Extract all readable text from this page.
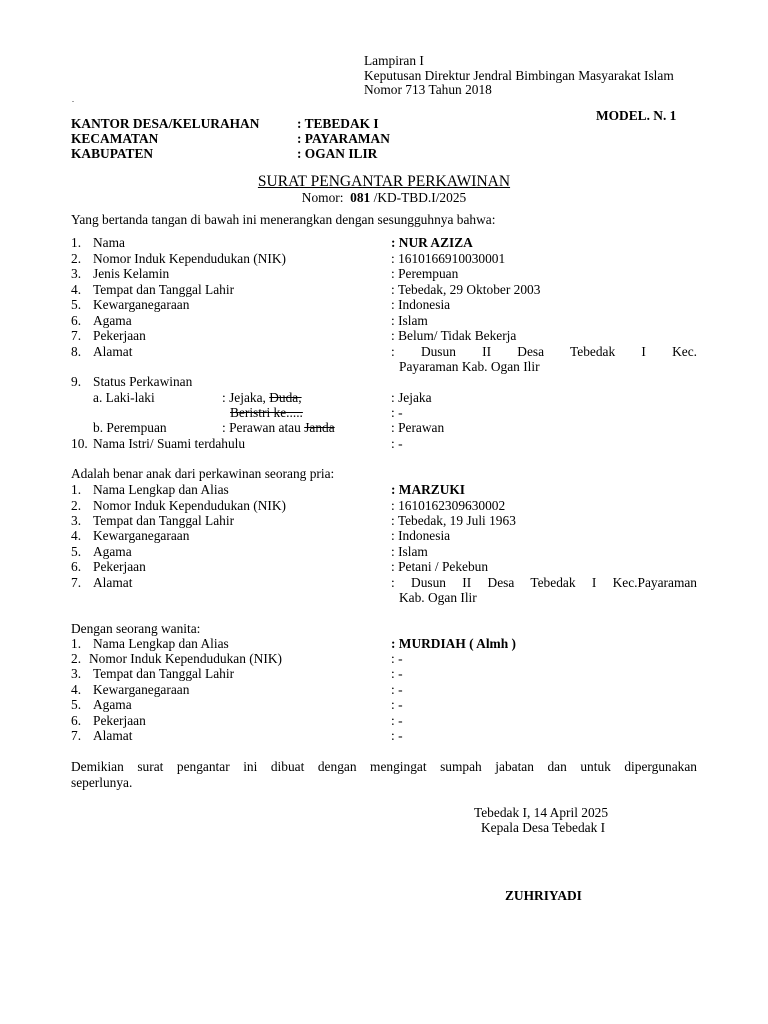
Lampiran I
Keputusan Direktur Jendral Bimbingan Masyarakat Islam
Nomor 713 Tahun 2018
.
MODEL. N. 1
KANTOR DESA/KELURAHAN	: TEBEDAK I
KECAMATAN	: PAYARAMAN
KABUPATEN	: OGAN ILIR
SURAT PENGANTAR PERKAWINAN
Nomor: 081 /KD-TBD.I/2025
Yang bertanda tangan di bawah ini menerangkan dengan sesungguhnya bahwa:
1. Nama	: NUR AZIZA
2. Nomor Induk Kependudukan (NIK)	: 1610166910030001
3. Jenis Kelamin	: Perempuan
4. Tempat dan Tanggal Lahir	: Tebedak, 29 Oktober 2003
5. Kewarganegaraan	: Indonesia
6. Agama	: Islam
7. Pekerjaan	: Belum/ Tidak Bekerja
8. Alamat	: Dusun II Desa Tebedak I Kec.
Payaraman Kab. Ogan Ilir
9. Status Perkawinan
a. Laki-laki	: Jejaka, Duda,	: Jejaka
Beristri ke.....	: -
b. Perempuan	: Perawan atau Janda	: Perawan
10. Nama Istri/ Suami terdahulu	: -
Adalah benar anak dari perkawinan seorang pria:
1. Nama Lengkap dan Alias	: MARZUKI
2. Nomor Induk Kependudukan (NIK)	: 1610162309630002
3. Tempat dan Tanggal Lahir	: Tebedak, 19 Juli 1963
4. Kewarganegaraan	: Indonesia
5. Agama	: Islam
6. Pekerjaan	: Petani / Pekebun
7. Alamat	: Dusun II Desa Tebedak I Kec.Payaraman
Kab. Ogan Ilir
Dengan seorang wanita:
1. Nama Lengkap dan Alias	: MURDIAH ( Almh )
2. Nomor Induk Kependudukan (NIK)	: -
3. Tempat dan Tanggal Lahir	: -
4. Kewarganegaraan	: -
5. Agama	: -
6. Pekerjaan	: -
7. Alamat	: -
Demikian surat pengantar ini dibuat dengan mengingat sumpah jabatan dan untuk dipergunakan
seperlunya.
Tebedak I, 14 April 2025
Kepala Desa Tebedak I
ZUHRIYADI
